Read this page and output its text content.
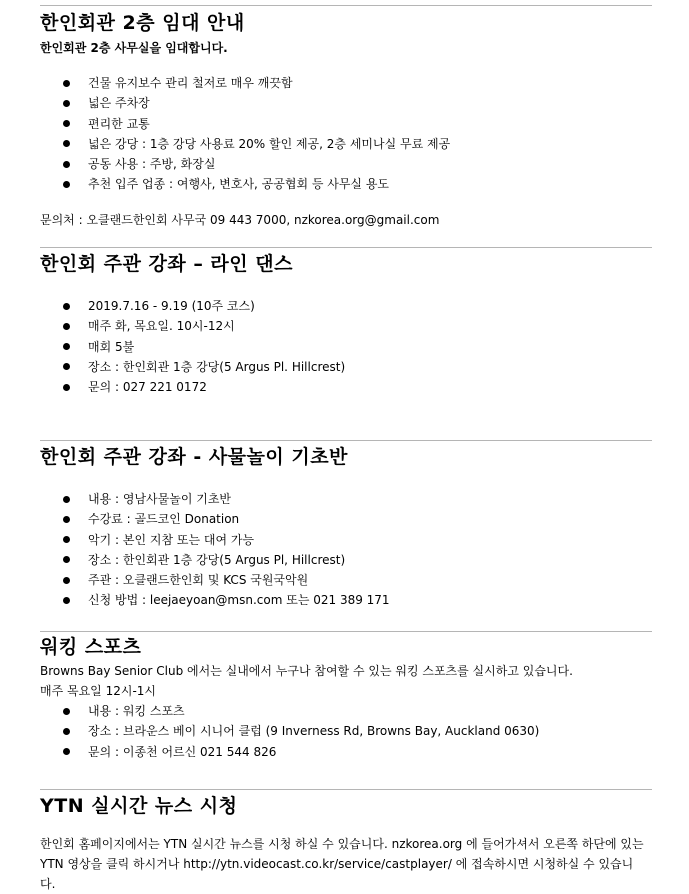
한인회관 2층 임대 안내

한인회관 2층 사무실을 임대합니다.

건물 유지보수 관리 철저로 매우 깨끗함
넓은 주차장
편리한 교통
넓은 강당 : 1층 강당 사용료 20% 할인 제공, 2층 세미나실 무료 제공
공동 사용 : 주방, 화장실
추천 입주 업종 : 여행사, 변호사, 공공협회 등 사무실 용도

문의처 : 오클랜드한인회 사무국 09 443 7000, nzkorea.org@gmail.com

한인회 주관 강좌 – 라인 댄스
2019.7.16 - 9.19 (10주 코스)
매주 화, 목요일. 10시-12시
매회 5불
장소 : 한인회관 1층 강당(5 Argus Pl. Hillcrest)
문의 : 027 221 0172
한인회 주관 강좌 - 사물놀이 기초반
내용 : 영남사물놀이 기초반
수강료 : 골드코인 Donation
악기 : 본인 지참 또는 대여 가능
장소 : 한인회관 1층 강당(5 Argus Pl, Hillcrest)
주관 : 오클랜드한인회 및 KCS 국원국악원
신청 방법 : leejaeyoan@msn.com 또는 021 389 171
워킹 스포츠

Browns Bay Senior Club 에서는 실내에서 누구나 참여할 수 있는 워킹 스포츠를 실시하고 있습니다.

매주 목요일 12시-1시

내용 : 워킹 스포츠
장소 : 브라운스 베이 시니어 클럽 (9 Inverness Rd, Browns Bay, Auckland 0630)
문의 : 이종천 어르신 021 544 826
YTN 실시간 뉴스 시청

한인회 홈페이지에서는 YTN 실시간 뉴스를 시청 하실 수 있습니다. nzkorea.org 에 들어가셔서 오른쪽 하단에 있는 YTN 영상을 클릭 하시거나 http://ytn.videocast.co.kr/service/castplayer/ 에 접속하시면 시청하실 수 있습니다.
